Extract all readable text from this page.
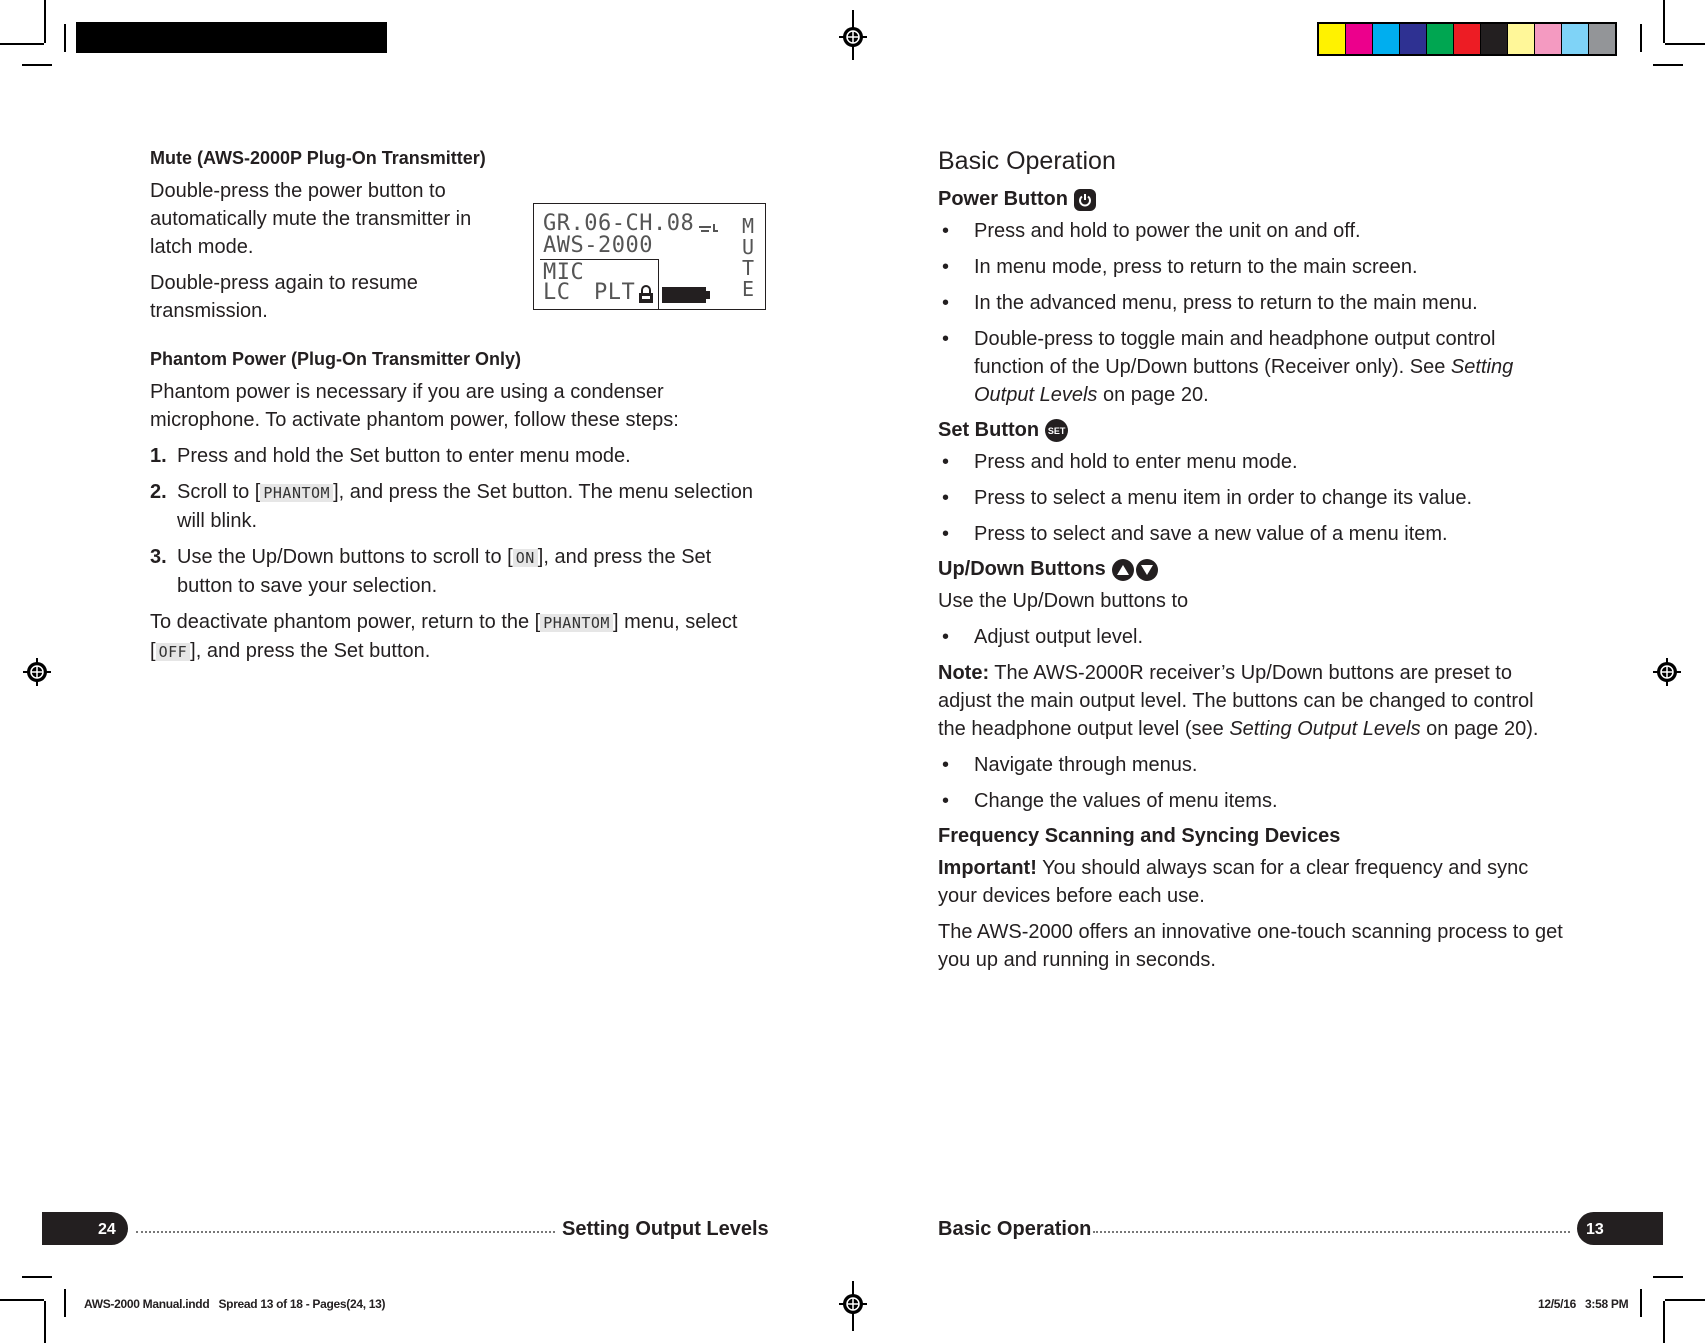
Mute (AWS-2000P Plug-On Transmitter)

Double-press the power button to automatically mute the transmitter in latch mode.

Double-press again to resume transmission.

Phantom Power (Plug-On Transmitter Only)

Phantom power is necessary if you are using a condenser microphone. To activate phantom power, follow these steps:

1. Press and hold the Set button to enter menu mode.
2. Scroll to [ PHANTOM ], and press the Set button. The menu selection will blink.
3. Use the Up/Down buttons to scroll to [ ON ], and press the Set button to save your selection.

To deactivate phantom power, return to the [ PHANTOM ] menu, select [ OFF ], and press the Set button.

GR.06-CH.08
AWS-2000
MIC
LC PLT
M
U
T
E

Basic Operation

Power Button

• Press and hold to power the unit on and off.
• In menu mode, press to return to the main screen.
• In the advanced menu, press to return to the main menu.
• Double-press to toggle main and headphone output control function of the Up/Down buttons (Receiver only). See Setting Output Levels on page 20.

Set Button SET

• Press and hold to enter menu mode.
• Press to select a menu item in order to change its value.
• Press to select and save a new value of a menu item.

Up/Down Buttons

Use the Up/Down buttons to

• Adjust output level.

Note: The AWS-2000R receiver’s Up/Down buttons are preset to adjust the main output level. The buttons can be changed to control the headphone output level (see Setting Output Levels on page 20).

• Navigate through menus.
• Change the values of menu items.

Frequency Scanning and Syncing Devices

Important! You should always scan for a clear frequency and sync your devices before each use.

The AWS-2000 offers an innovative one-touch scanning process to get you up and running in seconds.

24	Setting Output Levels	Basic Operation	13
AWS-2000 Manual.indd   Spread 13 of 18 - Pages(24, 13)	12/5/16   3:58 PM
